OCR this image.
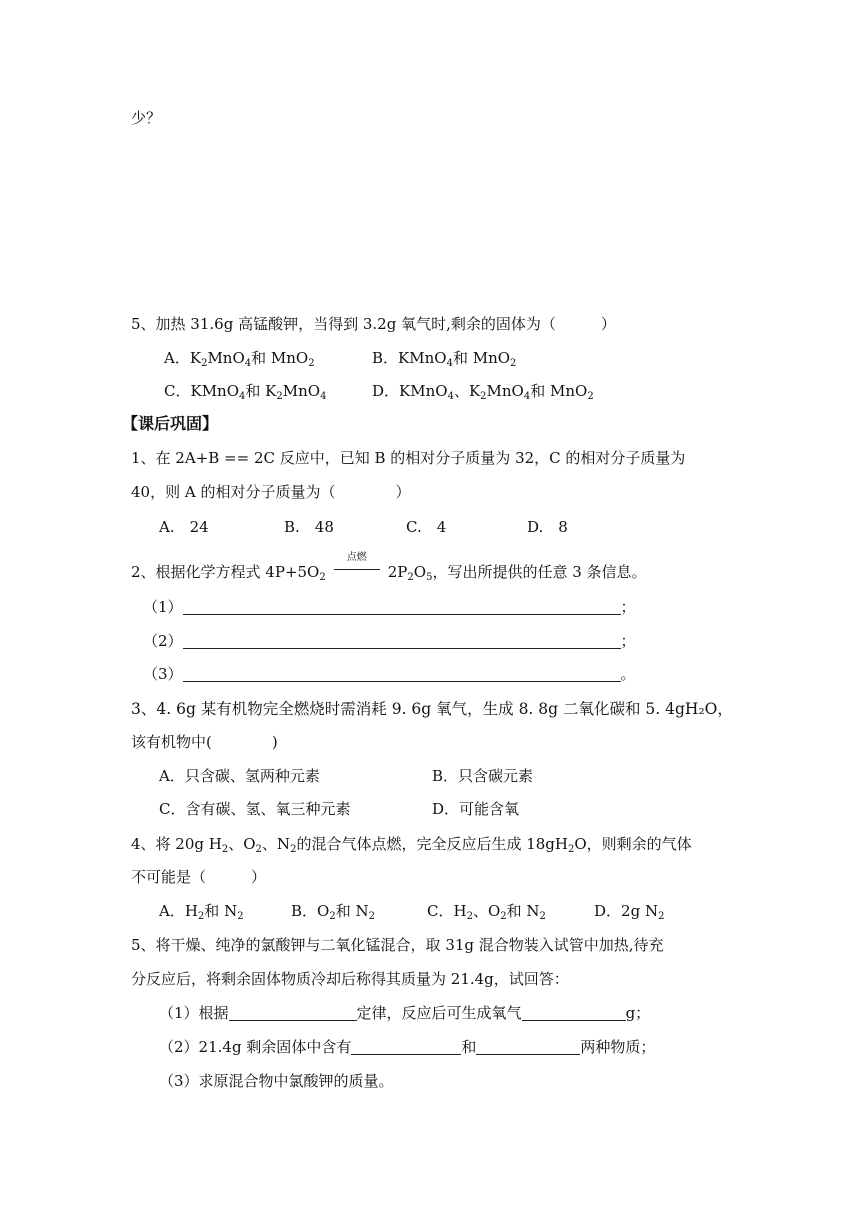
少？
5、加热 31.6g 高锰酸钾，当得到 3.2g 氧气时,剩余的固体为（　　　）
A．$K_2MnO_4$和 MnO$_2$	B．KMnO$_4$和 MnO$_2$
C．KMnO$_4$和 $K_2MnO_4$	D．KMnO$_4$、$K_2MnO_4$和 MnO$_2$
【课后巩固】
1、在 2A+B == 2C 反应中，已知 B 的相对分子质量为 32，C 的相对分子质量为
40，则 A 的相对分子质量为（　　　　）
A.　24	B.　48	C.　4	D.　8
2、根据化学方程式 $4P+5O_2$
点燃
$2P_2O_5$，写出所提供的任意 3 条信息。
（1）	；
（2）	；
（3）	。
3、4. 6g 某有机物完全燃烧时需消耗 9. 6g 氧气，生成 8. 8g 二氧化碳和 5. 4gH₂O，
该有机物中(　　　　)
A．只含碳、氢两种元素	B．只含碳元素
C．含有碳、氢、氧三种元素	D．可能含氧
4、将 20g $H_2$、$O_2$、$N_2$的混合气体点燃，完全反应后生成 $18gH_2O$，则剩余的气体
不可能是（　　　）
A．$H_2$和 $N_2$	B．$O_2$和 $N_2$	C．$H_2$、$O_2$和 $N_2$	D．2g $N_2$
5、将干燥、纯净的氯酸钾与二氧化锰混合，取 31g 混合物装入试管中加热,待充
分反应后，将剩余固体物质冷却后称得其质量为 21.4g，试回答：
（1）根据	定律，反应后可生成氧气	g；
（2）21.4g 剩余固体中含有	和	两种物质；
（3）求原混合物中氯酸钾的质量。
